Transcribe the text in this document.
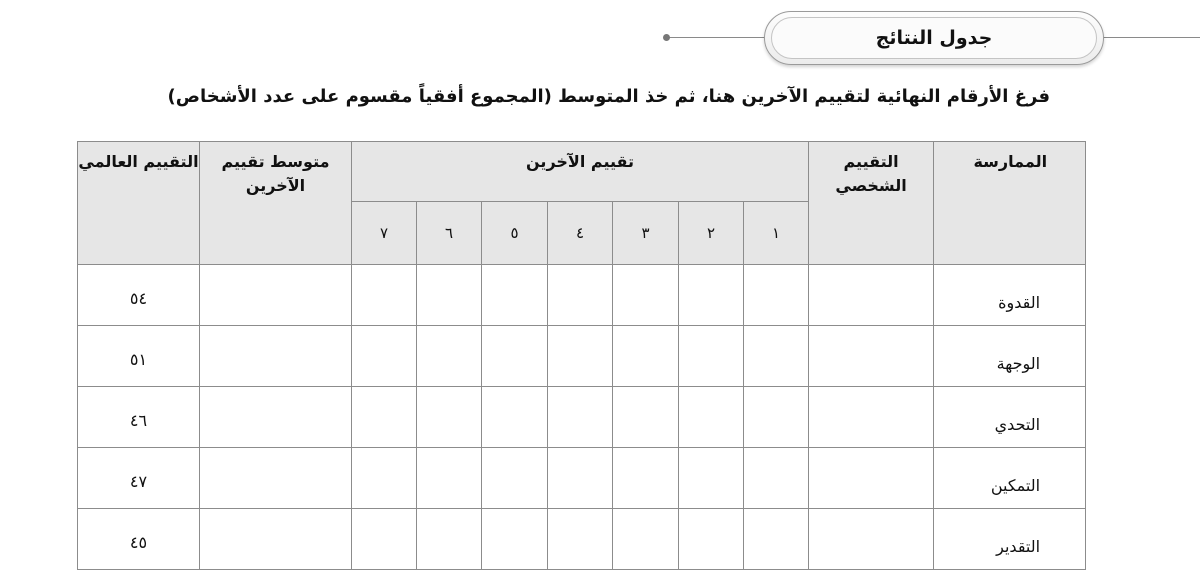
جدول النتائج
فرغ الأرقام النهائية لتقييم الآخرين هنا، ثم خذ المتوسط (المجموع أفقياً مقسوم على عدد الأشخاص)
الممارسة	التقييم الشخصي	تقييم الآخرين							متوسط تقييم الآخرين	التقييم العالمي
		١	٢	٣	٤	٥	٦	٧		
القدوة										٥٤
الوجهة										٥١
التحدي										٤٦
التمكين										٤٧
التقدير										٤٥
